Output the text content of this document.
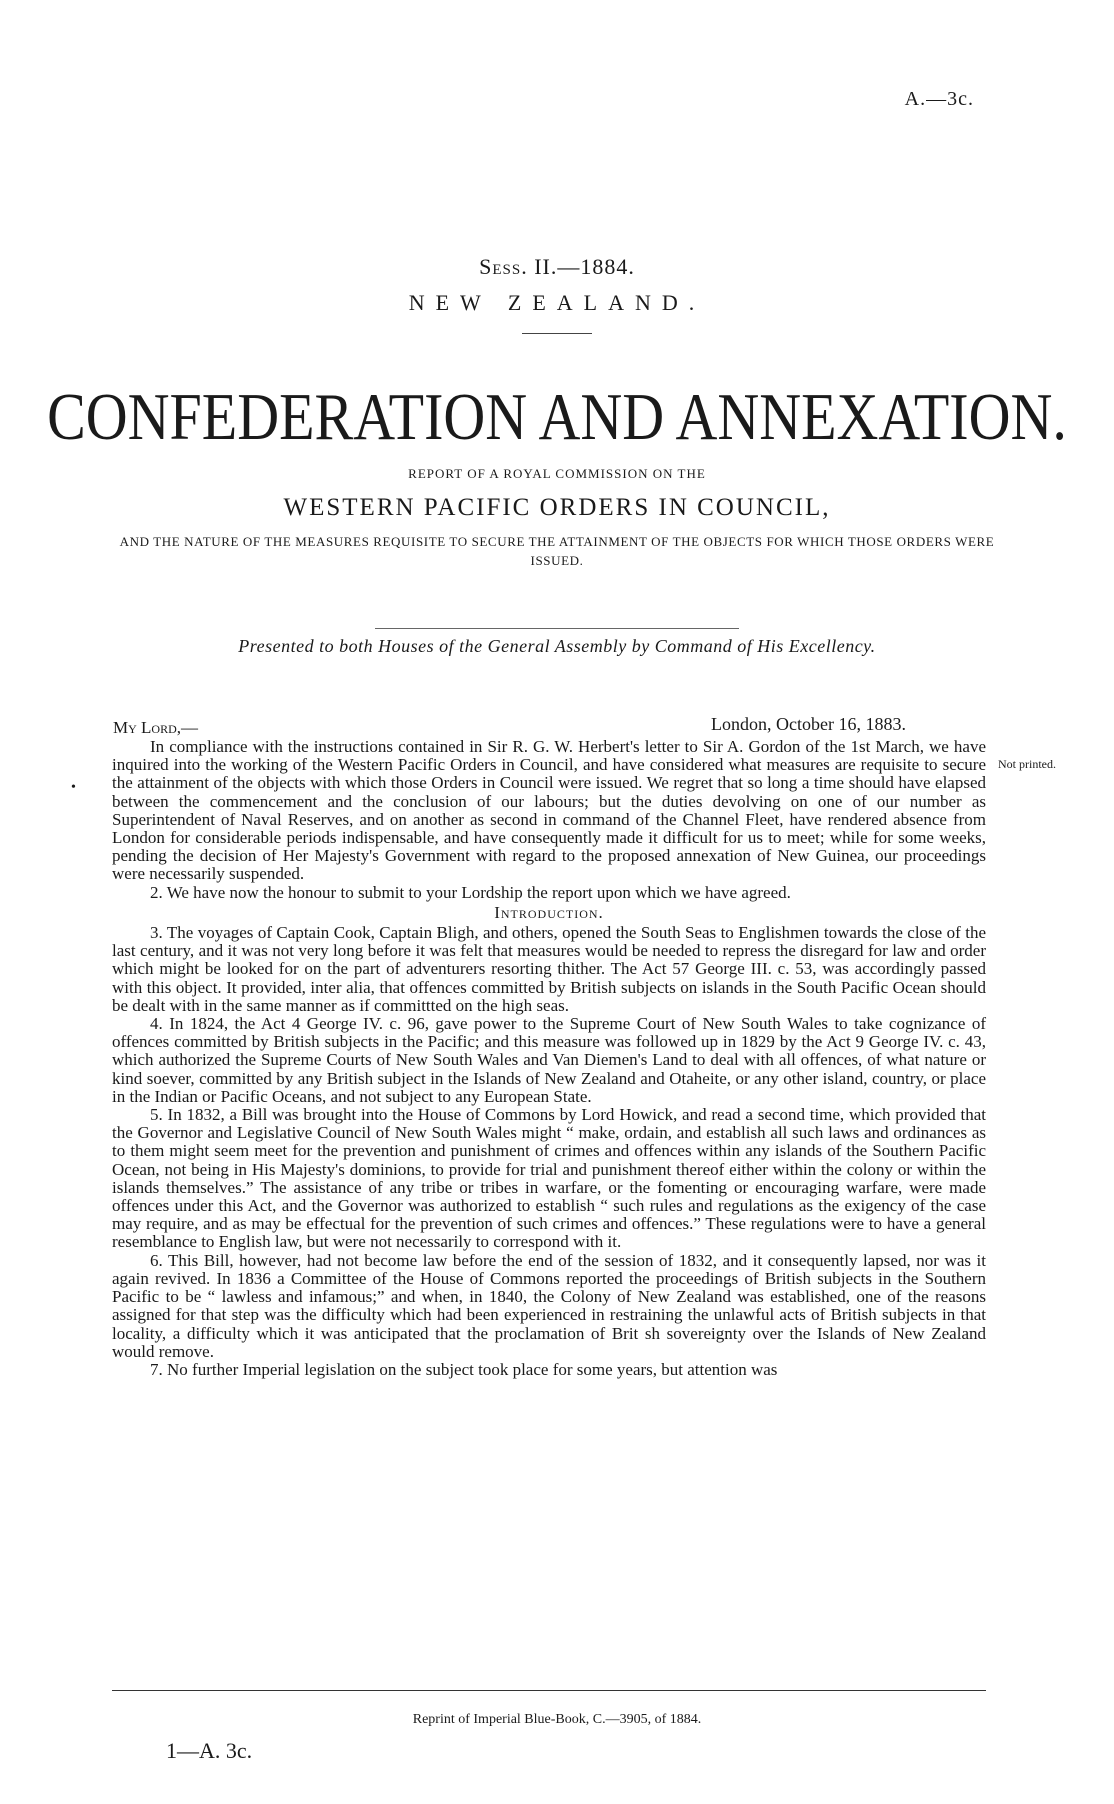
A.—3c.
Sess. II.—1884.
NEW ZEALAND.
CONFEDERATION AND ANNEXATION.
REPORT OF A ROYAL COMMISSION ON THE
WESTERN PACIFIC ORDERS IN COUNCIL,
AND THE NATURE OF THE MEASURES REQUISITE TO SECURE THE ATTAINMENT OF THE OBJECTS FOR WHICH THOSE ORDERS WERE ISSUED.
Presented to both Houses of the General Assembly by Command of His Excellency.
My Lord,—	London, October 16, 1883.
Not printed.
•

In compliance with the instructions contained in Sir R. G. W. Herbert's letter to Sir A. Gordon of the 1st March, we have inquired into the working of the Western Pacific Orders in Council, and have considered what measures are requisite to secure the attainment of the objects with which those Orders in Council were issued. We regret that so long a time should have elapsed between the commencement and the conclusion of our labours; but the duties devolving on one of our number as Superintendent of Naval Reserves, and on another as second in command of the Channel Fleet, have rendered absence from London for considerable periods indispensable, and have consequently made it difficult for us to meet; while for some weeks, pending the decision of Her Majesty's Government with regard to the proposed annexation of New Guinea, our proceedings were necessarily suspended.

2. We have now the honour to submit to your Lordship the report upon which we have agreed.

Introduction.

3. The voyages of Captain Cook, Captain Bligh, and others, opened the South Seas to Englishmen towards the close of the last century, and it was not very long before it was felt that measures would be needed to repress the disregard for law and order which might be looked for on the part of adventurers resorting thither. The Act 57 George III. c. 53, was accordingly passed with this object. It provided, inter alia, that offences committed by British subjects on islands in the South Pacific Ocean should be dealt with in the same manner as if committted on the high seas.

4. In 1824, the Act 4 George IV. c. 96, gave power to the Supreme Court of New South Wales to take cognizance of offences committed by British subjects in the Pacific; and this measure was followed up in 1829 by the Act 9 George IV. c. 43, which authorized the Supreme Courts of New South Wales and Van Diemen's Land to deal with all offences, of what nature or kind soever, committed by any British subject in the Islands of New Zealand and Otaheite, or any other island, country, or place in the Indian or Pacific Oceans, and not subject to any European State.

5. In 1832, a Bill was brought into the House of Commons by Lord Howick, and read a second time, which provided that the Governor and Legislative Council of New South Wales might “ make, ordain, and establish all such laws and ordinances as to them might seem meet for the prevention and punishment of crimes and offences within any islands of the Southern Pacific Ocean, not being in His Majesty's dominions, to provide for trial and punishment thereof either within the colony or within the islands themselves.” The assistance of any tribe or tribes in warfare, or the fomenting or encouraging warfare, were made offences under this Act, and the Governor was authorized to establish “ such rules and regulations as the exigency of the case may require, and as may be effectual for the prevention of such crimes and offences.” These regulations were to have a general resemblance to English law, but were not necessarily to correspond with it.

6. This Bill, however, had not become law before the end of the session of 1832, and it consequently lapsed, nor was it again revived. In 1836 a Committee of the House of Commons reported the proceedings of British subjects in the Southern Pacific to be “ lawless and infamous;” and when, in 1840, the Colony of New Zealand was established, one of the reasons assigned for that step was the difficulty which had been experienced in restraining the unlawful acts of British subjects in that locality, a difficulty which it was anticipated that the proclamation of Brit sh sovereignty over the Islands of New Zealand would remove.

7. No further Imperial legislation on the subject took place for some years, but attention was

Reprint of Imperial Blue-Book, C.—3905, of 1884.
1—A. 3c.
